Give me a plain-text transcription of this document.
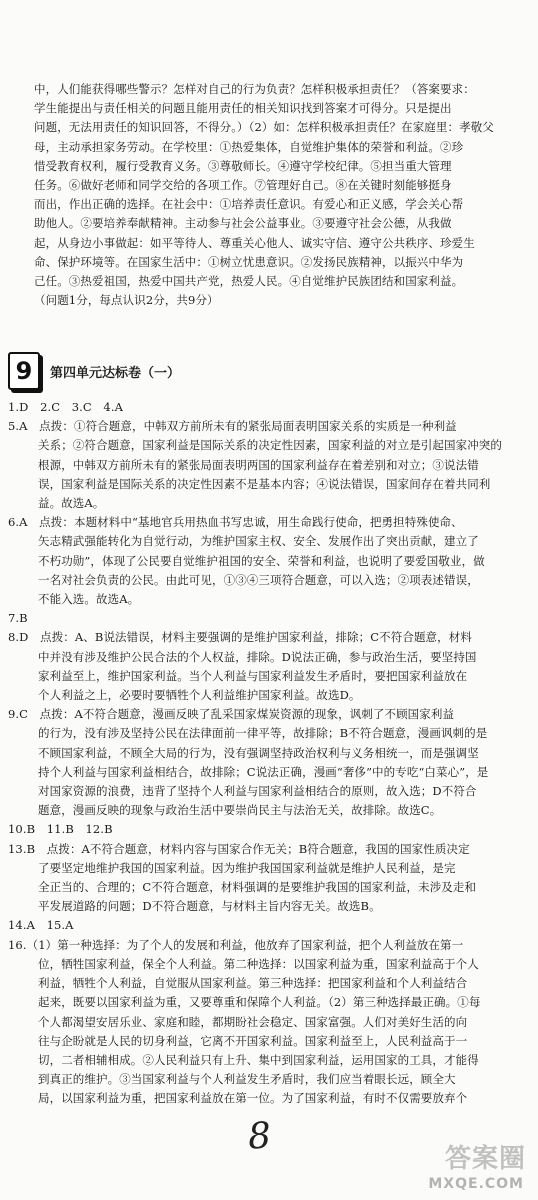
中，人们能获得哪些警示？怎样对自己的行为负责？怎样积极承担责任？（答案要求：
学生能提出与责任相关的问题且能用责任的相关知识找到答案才可得分。只是提出
问题，无法用责任的知识回答，不得分。）（2）如：怎样积极承担责任？在家庭里：孝敬父
母，主动承担家务劳动。在学校里：①热爱集体，自觉维护集体的荣誉和利益。②珍
惜受教育权利，履行受教育义务。③尊敬师长。④遵守学校纪律。⑤担当重大管理
任务。⑥做好老师和同学交给的各项工作。⑦管理好自己。⑧在关键时刻能够挺身
而出，作出正确的选择。在社会中：①培养责任意识。有爱心和正义感，学会关心帮
助他人。②要培养奉献精神。主动参与社会公益事业。③要遵守社会公德，从我做
起，从身边小事做起：如平等待人、尊重关心他人、诚实守信、遵守公共秩序、珍爱生
命、保护环境等。在国家生活中：①树立忧患意识。②发扬民族精神，以振兴中华为
己任。③热爱祖国，热爱中国共产党，热爱人民。④自觉维护民族团结和国家利益。
（问题1分，每点认识2分，共9分）
9	第四单元达标卷（一）
1.D　2.C　3.C　4.A
5.A　点拨：①符合题意，中韩双方前所未有的紧张局面表明国家关系的实质是一种利益
关系；②符合题意，国家利益是国际关系的决定性因素，国家利益的对立是引起国家冲突的
根源，中韩双方前所未有的紧张局面表明两国的国家利益存在着差别和对立；③说法错
误，国家利益是国际关系的决定性因素不是基本内容；④说法错误，国家间存在着共同利
益。故选A。
6.A　点拨：本题材料中“基地官兵用热血书写忠诚，用生命践行使命，把勇担特殊使命、
矢志精武强能转化为自觉行动，为维护国家主权、安全、发展作出了突出贡献，建立了
不朽功勋”，体现了公民要自觉维护祖国的安全、荣誉和利益，也说明了要爱国敬业，做
一名对社会负责的公民。由此可见，①③④三项符合题意，可以入选；②项表述错误，
不能入选。故选A。
7.B
8.D　点拨：A、B说法错误，材料主要强调的是维护国家利益，排除；C不符合题意，材料
中并没有涉及维护公民合法的个人权益，排除。D说法正确，参与政治生活，要坚持国
家利益至上，维护国家利益。当个人利益与国家利益发生矛盾时，要把国家利益放在
个人利益之上，必要时要牺牲个人利益维护国家利益。故选D。
9.C　点拨：A不符合题意，漫画反映了乱采国家煤炭资源的现象，讽刺了不顾国家利益
的行为，没有涉及坚持公民在法律面前一律平等，故排除；B不符合题意，漫画讽刺的是
不顾国家利益，不顾全大局的行为，没有强调坚持政治权利与义务相统一，而是强调坚
持个人利益与国家利益相结合，故排除；C说法正确，漫画“奢侈”中的专吃“白菜心”，是
对国家资源的浪费，违背了坚持个人利益与国家利益相结合的原则，故入选；D不符合
题意，漫画反映的现象与政治生活中要崇尚民主与法治无关，故排除。故选C。
10.B　11.B　12.B
13.B　点拨：A不符合题意，材料内容与国家合作无关；B符合题意，我国的国家性质决定
了要坚定地维护我国的国家利益。因为维护我国国家利益就是维护人民利益，是完
全正当的、合理的；C不符合题意，材料强调的是要维护我国的国家利益，未涉及走和
平发展道路的问题；D不符合题意，与材料主旨内容无关。故选B。
14.A　15.A
16.（1）第一种选择：为了个人的发展和利益，他放弃了国家利益，把个人利益放在第一
位，牺牲国家利益，保全个人利益。第二种选择：以国家利益为重，国家利益高于个人
利益，牺牲个人利益，自觉服从国家利益。第三种选择：把国家利益和个人利益结合
起来，既要以国家利益为重，又要尊重和保障个人利益。（2）第三种选择最正确。①每
个人都渴望安居乐业、家庭和睦，都期盼社会稳定、国家富强。人们对美好生活的向
往与企盼就是人民的切身利益，它离不开国家利益。国家利益至上，人民利益高于一
切，二者相辅相成。②人民利益只有上升、集中到国家利益，运用国家的工具，才能得
到真正的维护。③当国家利益与个人利益发生矛盾时，我们应当着眼长远，顾全大
局，以国家利益为重，把国家利益放在第一位。为了国家利益，有时不仅需要放弃个
8
答案圈
MXQE.COM
